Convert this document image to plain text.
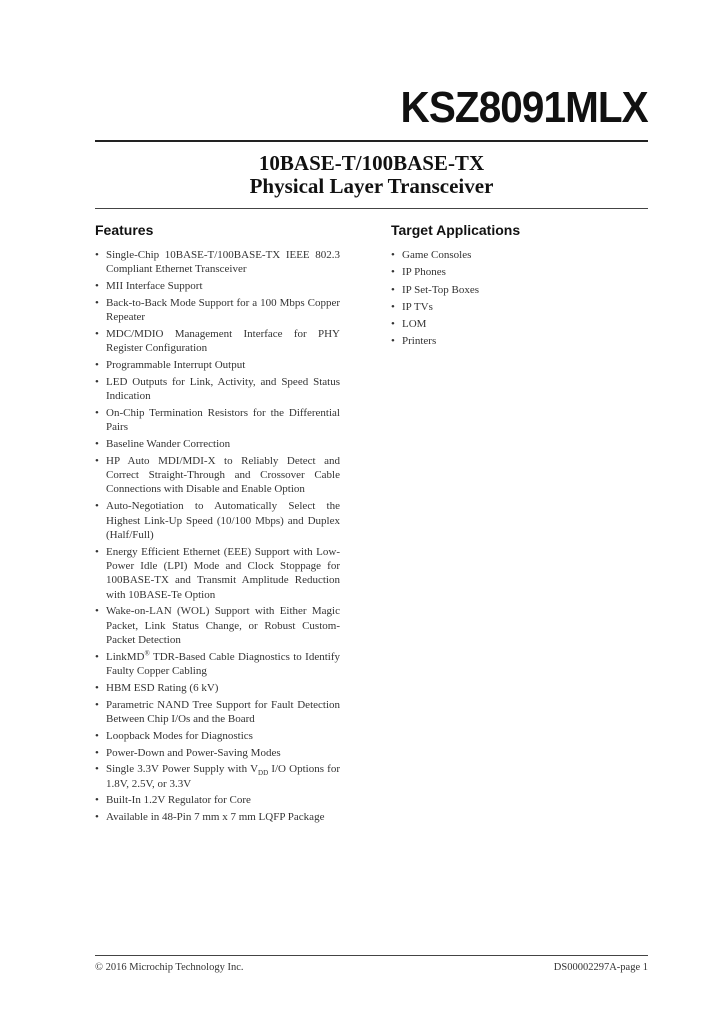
KSZ8091MLX
10BASE-T/100BASE-TX
Physical Layer Transceiver
Features	Target Applications
• Single-Chip 10BASE-T/100BASE-TX IEEE 802.3 Compliant Ethernet Transceiver
• MII Interface Support
• Back-to-Back Mode Support for a 100 Mbps Copper Repeater
• MDC/MDIO Management Interface for PHY Register Configuration
• Programmable Interrupt Output
• LED Outputs for Link, Activity, and Speed Status Indication
• On-Chip Termination Resistors for the Differential Pairs
• Baseline Wander Correction
• HP Auto MDI/MDI-X to Reliably Detect and Correct Straight-Through and Crossover Cable Connections with Disable and Enable Option
• Auto-Negotiation to Automatically Select the Highest Link-Up Speed (10/100 Mbps) and Duplex (Half/Full)
• Energy Efficient Ethernet (EEE) Support with Low-Power Idle (LPI) Mode and Clock Stoppage for 100BASE-TX and Transmit Amplitude Reduction with 10BASE-Te Option
• Wake-on-LAN (WOL) Support with Either Magic Packet, Link Status Change, or Robust Custom-Packet Detection
• LinkMD® TDR-Based Cable Diagnostics to Identify Faulty Copper Cabling
• HBM ESD Rating (6 kV)
• Parametric NAND Tree Support for Fault Detection Between Chip I/Os and the Board
• Loopback Modes for Diagnostics
• Power-Down and Power-Saving Modes
• Single 3.3V Power Supply with $V_{DD}$ I/O Options for 1.8V, 2.5V, or 3.3V
• Built-In 1.2V Regulator for Core
• Available in 48-Pin 7 mm x 7 mm LQFP Package
• Game Consoles
• IP Phones
• IP Set-Top Boxes
• IP TVs
• LOM
• Printers
© 2016 Microchip Technology Inc.	DS00002297A-page 1
